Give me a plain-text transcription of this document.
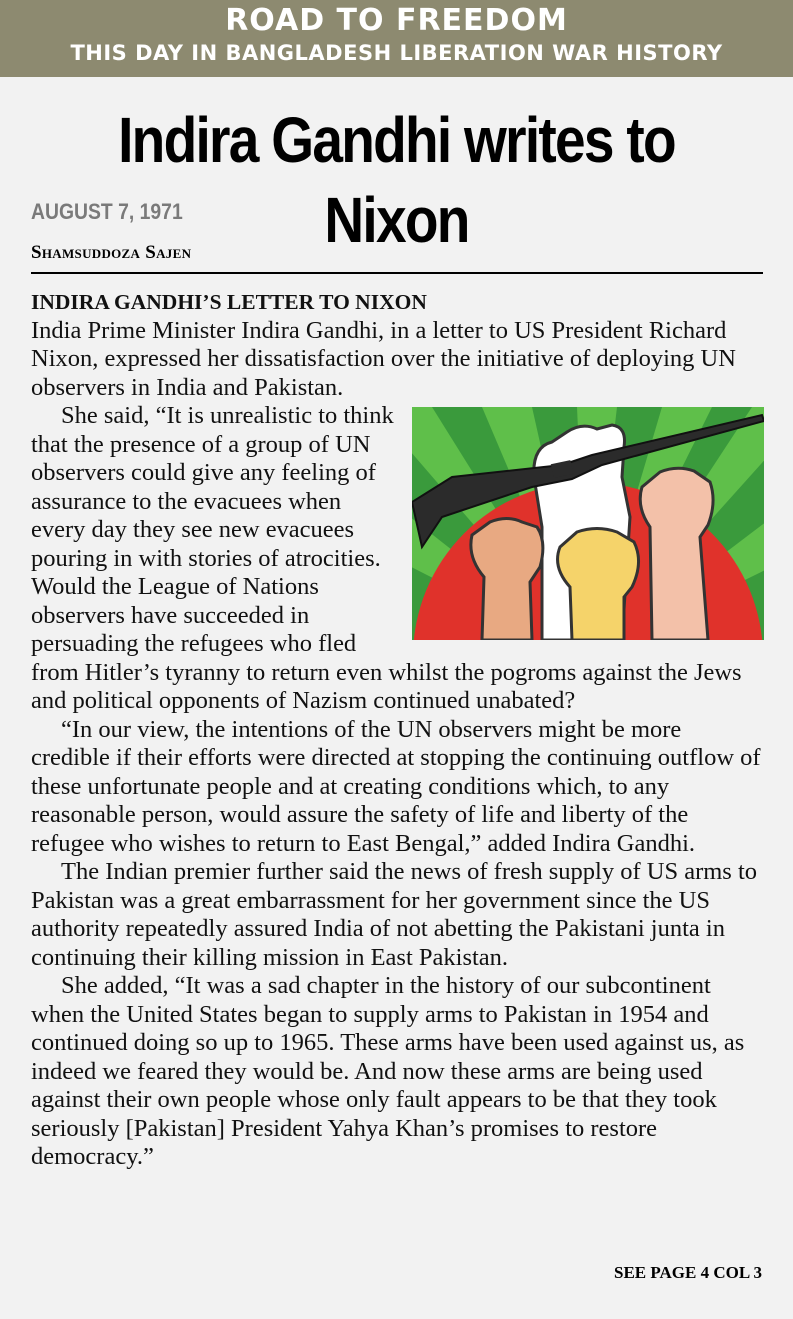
ROAD TO FREEDOM
THIS DAY IN BANGLADESH LIBERATION WAR HISTORY
Indira Gandhi writes to Nixon
AUGUST 7, 1971
Shamsuddoza Sajen
INDIRA GANDHI’S LETTER TO NIXON

India Prime Minister Indira Gandhi, in a letter to US President Richard Nixon, expressed her dissatisfaction over the initiative of deploying UN observers in India and Pakistan.

She said, “It is unrealistic to think that the presence of a group of UN observers could give any feeling of assurance to the evacuees when every day they see new evacuees pouring in with stories of atrocities. Would the League of Nations observers have succeeded in persuading the refugees who fled from Hitler’s tyranny to return even whilst the pogroms against the Jews and political opponents of Nazism continued unabated?

“In our view, the intentions of the UN observers might be more credible if their efforts were directed at stopping the continuing outflow of these unfortunate people and at creating conditions which, to any reasonable person, would assure the safety of life and liberty of the refugee who wishes to return to East Bengal,” added Indira Gandhi.

The Indian premier further said the news of fresh supply of US arms to Pakistan was a great embarrassment for her government since the US authority repeatedly assured India of not abetting the Pakistani junta in continuing their killing mission in East Pakistan.

She added, “It was a sad chapter in the history of our subcontinent when the United States began to supply arms to Pakistan in 1954 and continued doing so up to 1965. These arms have been used against us, as indeed we feared they would be. And now these arms are being used against their own people whose only fault appears to be that they took seriously [Pakistan] President Yahya Khan’s promises to restore democracy.”

SEE PAGE 4 COL 3
